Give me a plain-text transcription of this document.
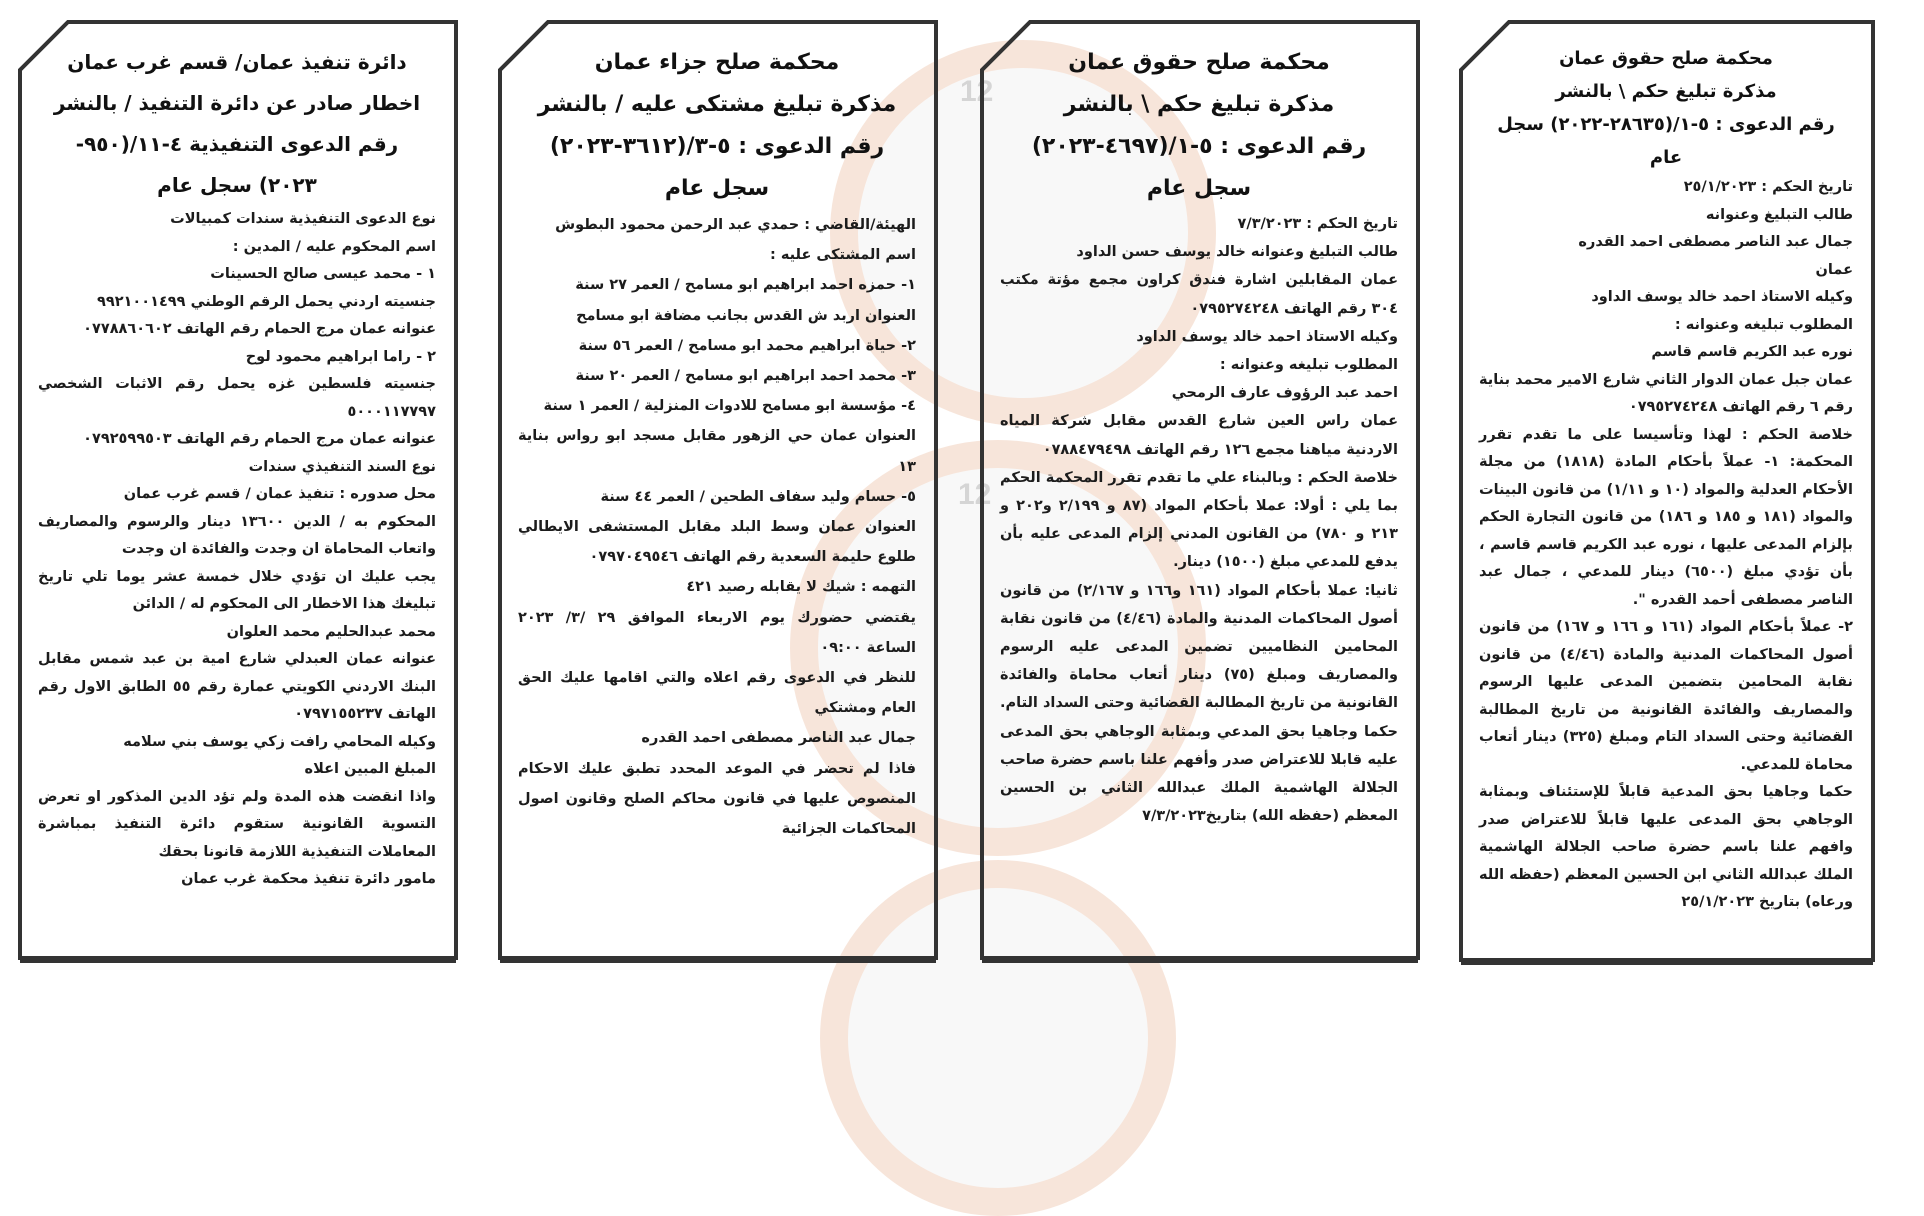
12
12
دائرة تنفيذ عمان/ قسم غرب عمان
اخطار صادر عن دائرة التنفيذ / بالنشر
رقم الدعوى التنفيذية ٤-١١/(٩٥٠-
٢٠٢٣) سجل عام
نوع الدعوى التنفيذية سندات كمبيالات
اسم المحكوم عليه / المدين :
١ - محمد عيسى صالح الحسينات
جنسيته اردني يحمل الرقم الوطني ٩٩٢١٠٠١٤٩٩
عنوانه عمان مرج الحمام رقم الهاتف ٠٧٧٨٨٦٠٦٠٢
٢ - راما ابراهيم محمود لوح
جنسيته فلسطين غزه يحمل رقم الاثبات الشخصي ٥٠٠٠١١٧٧٩٧
عنوانه عمان مرج الحمام رقم الهاتف ٠٧٩٢٥٩٩٥٠٣
نوع السند التنفيذي سندات
محل صدوره : تنفيذ عمان / قسم غرب عمان
المحكوم به / الدين ١٣٦٠٠ دينار والرسوم والمصاريف واتعاب المحاماة ان وجدت والفائدة ان وجدت
يجب عليك ان تؤدي خلال خمسة عشر يوما تلي تاريخ تبليغك هذا الاخطار الى المحكوم له / الدائن
محمد عبدالحليم محمد العلوان
عنوانه عمان العبدلي شارع امية بن عبد شمس مقابل البنك الاردني الكويتي عمارة رقم ٥٥ الطابق الاول رقم الهاتف ٠٧٩٧١٥٥٢٣٧
وكيله المحامي رافت زكي يوسف بني سلامه
المبلغ المبين اعلاه
واذا انقضت هذه المدة ولم تؤد الدين المذكور او تعرض التسوية القانونية ستقوم دائرة التنفيذ بمباشرة المعاملات التنفيذية اللازمة قانونا بحقك
مامور دائرة تنفيذ محكمة غرب عمان
محكمة صلح جزاء عمان
مذكرة تبليغ مشتكى عليه / بالنشر
رقم الدعوى : ٥-٣/(٣٦١٢-٢٠٢٣)
سجل عام
الهيئة/القاضي : حمدي عبد الرحمن محمود البطوش
اسم المشتكى عليه :
١- حمزه احمد ابراهيم ابو مسامح / العمر ٢٧ سنة
العنوان اربد ش القدس بجانب مضافة ابو مسامح
٢- حياة ابراهيم محمد ابو مسامح / العمر ٥٦ سنة
٣- محمد احمد ابراهيم ابو مسامح / العمر ٢٠ سنة
٤- مؤسسة ابو مسامح للادوات المنزلية / العمر ١ سنة
العنوان عمان حي الزهور مقابل مسجد ابو رواس بناية ١٣
٥- حسام وليد سفاف الطحين / العمر ٤٤ سنة
العنوان عمان وسط البلد مقابل المستشفى الايطالي طلوع حليمة السعدية رقم الهاتف ٠٧٩٧٠٤٩٥٤٦
التهمه : شيك لا يقابله رصيد ٤٢١
يقتضي حضورك يوم الاربعاء الموافق ٢٩ /٣/ ٢٠٢٣ الساعة ٠٩:٠٠
للنظر في الدعوى رقم اعلاه والتي اقامها عليك الحق العام ومشتكي
جمال عبد الناصر مصطفى احمد القدره
فاذا لم تحضر في الموعد المحدد تطبق عليك الاحكام المنصوص عليها في قانون محاكم الصلح وقانون اصول المحاكمات الجزائية
محكمة صلح حقوق عمان
مذكرة تبليغ حكم \ بالنشر
رقم الدعوى : ٥-١/(٤٦٩٧-٢٠٢٣)
سجل عام
تاريخ الحكم : ٧/٣/٢٠٢٣
طالب التبليغ وعنوانه خالد يوسف حسن الداود
عمان المقابلين اشارة فندق كراون مجمع مؤتة مكتب ٣٠٤ رقم الهاتف ٠٧٩٥٢٧٤٢٤٨
وكيله الاستاذ احمد خالد يوسف الداود
المطلوب تبليغه وعنوانه :
احمد عبد الرؤوف عارف الرمحي
عمان راس العين شارع القدس مقابل شركة المياه الاردنية مياهنا مجمع ١٢٦ رقم الهاتف ٠٧٨٨٤٧٩٤٩٨
خلاصة الحكم : وبالبناء علي ما تقدم تقرر المحكمة الحكم بما يلي : أولا: عملا بأحكام المواد (٨٧ و ٢/١٩٩ و٢٠٢ و ٢١٣ و ٧٨٠) من القانون المدني إلزام المدعى عليه بأن يدفع للمدعي مبلغ (١٥٠٠) دينار.
ثانيا: عملا بأحكام المواد (١٦١ و١٦٦ و ٢/١٦٧) من قانون أصول المحاكمات المدنية والمادة (٤/٤٦) من قانون نقابة المحامين النظاميين تضمين المدعى عليه الرسوم والمصاريف ومبلغ (٧٥) دينار أتعاب محاماة والفائدة القانونية من تاريخ المطالبة القضائية وحتى السداد التام.
حكما وجاهيا بحق المدعي وبمثابة الوجاهي بحق المدعى عليه قابلا للاعتراض صدر وأفهم علنا باسم حضرة صاحب الجلالة الهاشمية الملك عبدالله الثاني بن الحسين المعظم (حفظه الله) بتاريخ٧/٣/٢٠٢٣
محكمة صلح حقوق عمان
مذكرة تبليغ حكم \ بالنشر
رقم الدعوى : ٥-١/(٢٨٦٣٥-٢٠٢٢) سجل عام
تاريخ الحكم : ٢٥/١/٢٠٢٣
طالب التبليغ وعنوانه
جمال عبد الناصر مصطفى احمد القدره
عمان
وكيله الاستاذ احمد خالد يوسف الداود
المطلوب تبليغه وعنوانه :
نوره عبد الكريم قاسم قاسم
عمان جبل عمان الدوار الثاني شارع الامير محمد بناية رقم ٦ رقم الهاتف ٠٧٩٥٢٧٤٢٤٨
خلاصة الحكم : لهذا وتأسيسا على ما تقدم تقرر المحكمة: ١- عملاً بأحكام المادة (١٨١٨) من مجلة الأحكام العدلية والمواد (١٠ و ١/١١) من قانون البينات والمواد (١٨١ و ١٨٥ و ١٨٦) من قانون التجارة الحكم بإلزام المدعى عليها ، نوره عبد الكريم قاسم قاسم ، بأن تؤدي مبلغ (٦٥٠٠) دينار للمدعي ، جمال عبد الناصر مصطفى أحمد القدره ".
٢- عملاً بأحكام المواد (١٦١ و ١٦٦ و ١٦٧) من قانون أصول المحاكمات المدنية والمادة (٤/٤٦) من قانون نقابة المحامين بتضمين المدعى عليها الرسوم والمصاريف والفائدة القانونية من تاريخ المطالبة القضائية وحتى السداد التام ومبلغ (٣٢٥) دينار أتعاب محاماة للمدعي.
حكما وجاهيا بحق المدعية قابلاً للإستئناف وبمثابة الوجاهي بحق المدعى عليها قابلاً للاعتراض صدر وافهم علنا باسم حضرة صاحب الجلالة الهاشمية الملك عبدالله الثاني ابن الحسين المعظم (حفظه الله ورعاه) بتاريخ ٢٥/١/٢٠٢٣
